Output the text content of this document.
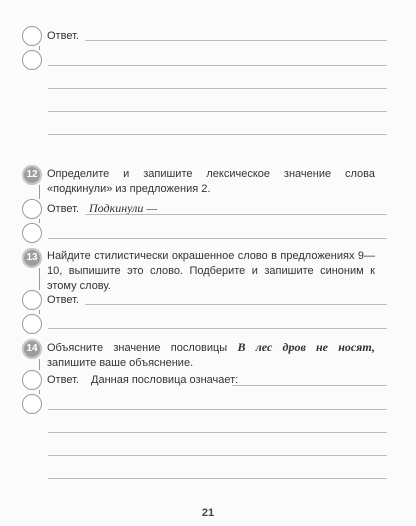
Ответ.
12 Определите и запишите лексическое значение слова «подкинули» из предложения 2.
Ответ. Подкинули —
13 Найдите стилистически окрашенное слово в предложениях 9—10, выпишите это слово. Подберите и запишите синоним к этому слову.
Ответ.
14 Объясните значение пословицы В лес дров не носят, запишите ваше объяснение.
Ответ. Данная пословица означает:
21
